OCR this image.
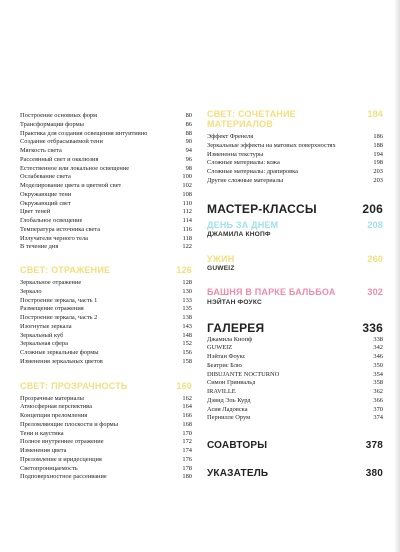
Построение основных форм	80
Трансформации формы	86
Практика для создания освещения интуитивно	88
Создание отбрасываемой тени	90
Мягкость света	94
Рассеянный свет и окклюзия	96
Естественное или локальное освещение	98
Ослабевание света	100
Моделирование цвета и цветной свет	102
Окружающие тени	108
Окружающий свет	110
Цвет теней	112
Глобальное освещение	114
Температура источника света	116
Излучатели черного тела	118
В течение дня	122
СВЕТ: ОТРАЖЕНИЕ	126
Зеркальное отражение	128
Зеркало	130
Построение зеркала, часть 1	133
Размещение отражения	135
Построение зеркала, часть 2	138
Изогнутые зеркала	143
Зеркальный куб	148
Зеркальная сфера	152
Сложные зеркальные формы	156
Изменения зеркальных цветов	158
СВЕТ: ПРОЗРАЧНОСТЬ	160
Прозрачные материалы	162
Атмосферная перспектива	164
Концепция преломления	166
Преломляющие плоскости и формы	168
Тени и каустика	170
Полное внутреннее отражение	172
Изменения цвета	174
Преломление и иридесценция	176
Светопроницаемость	178
Подповерхностное рассеивание	180
СВЕТ: СОЧЕТАНИЕ	184
МАТЕРИАЛОВ
Эффект Френеля	186
Зеркальные эффекты на матовых поверхностях	188
Измененна текстуры	194
Сложные материалы: кожа	198
Сложные материалы: драпировка	203
Другие сложные материалы	203
МАСТЕР-КЛАССЫ	206
ДЕНЬ ЗА ДНЕМ	208
ДЖАМИЛА КНОПФ
УЖИН	260
GUWEIZ
БАШНЯ В ПАРКЕ БАЛЬБОА	302
НЭЙТАН ФОУКС
ГАЛЕРЕЯ	336
Джамила Кнопф	338
GUWEIZ	342
Нэйтан Фоукс	346
Беатрис Блю	350
DIBUJANTE NOCTURNO	354
Симон Гринвальд	358
IRAVILLE	362
Дэвид Эль Курд	366
Асия Ладовска	370
Перниллe Орум	374
СОАВТОРЫ	378
УКАЗАТЕЛЬ	380
